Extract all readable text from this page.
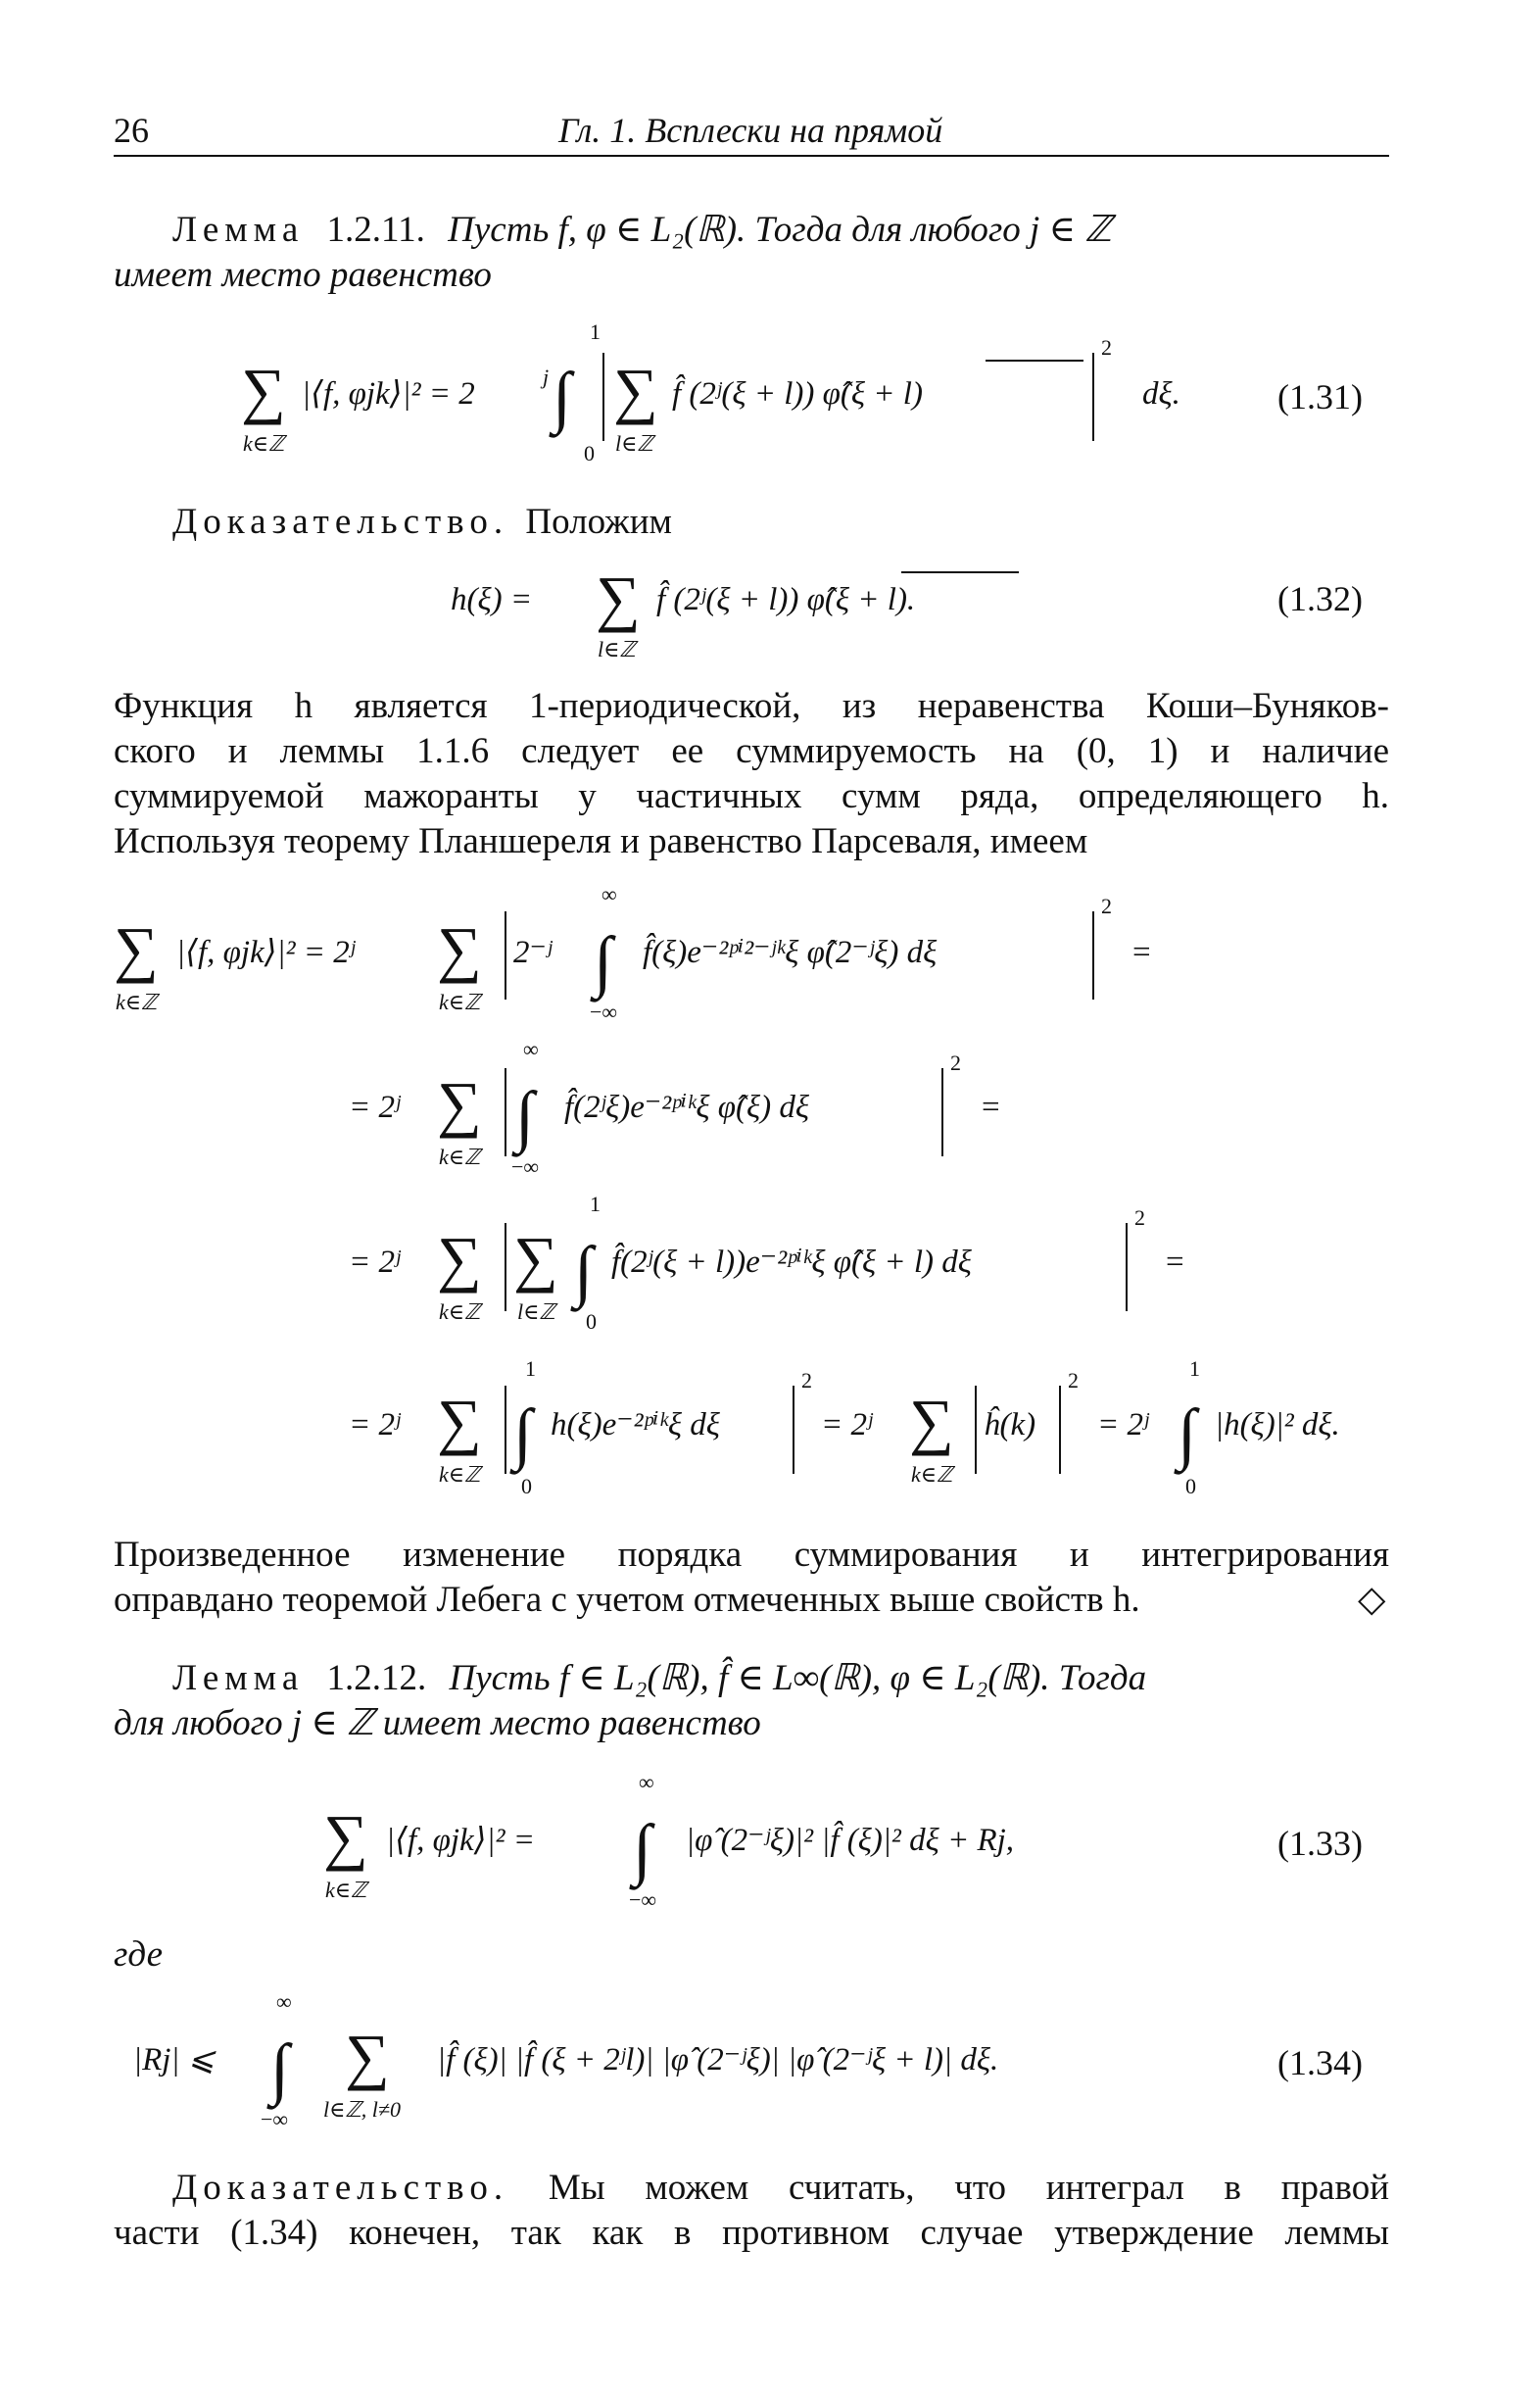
26	Гл. 1. Всплески на прямой
Лемма 1.2.11. Пусть f, φ ∈ L₂(ℝ). Тогда для любого j ∈ ℤ
имеет место равенство
∑
k∈ℤ
|⟨f, φjk⟩|² = 2	j ∫
1
0
∑
l∈ℤ
f̂ (2ʲ(ξ + l)) φ̂(ξ + l)
2
dξ.	(1.31)
Доказательство. Положим
h(ξ) = ∑
l∈ℤ
f̂ (2ʲ(ξ + l)) φ̂(ξ + l).	(1.32)
Функция h является 1-периодической, из неравенства Коши–Буняков-
ского и леммы 1.1.6 следует ее суммируемость на (0, 1) и наличие
суммируемой мажоранты у частичных сумм ряда, определяющего h.
Используя теорему Планшереля и равенство Парсеваля, имеем
∑
k∈ℤ
|⟨f, φjk⟩|² = 2ʲ ∑
k∈ℤ
2⁻ʲ ∫
∞
−∞
f̂(ξ)e⁻²ᵖⁱ²⁻ʲᵏξ φ̂(2⁻ʲξ) dξ
2
=
= 2ʲ ∑
k∈ℤ
∫
∞
−∞
f̂(2ʲξ)e⁻²ᵖⁱᵏξ φ̂(ξ) dξ
2
=
= 2ʲ ∑
k∈ℤ
∑
l∈ℤ
∫
1
0
f̂(2ʲ(ξ + l))e⁻²ᵖⁱᵏξ φ̂(ξ + l) dξ
2
=
= 2ʲ ∑
k∈ℤ
∫
1
0
h(ξ)e⁻²ᵖⁱᵏξ dξ
2
= 2ʲ ∑
k∈ℤ
ĥ(k)
2
= 2ʲ ∫
1
0
|h(ξ)|² dξ.
Произведенное изменение порядка суммирования и интегрирования
оправдано теоремой Лебега с учетом отмеченных выше свойств h.	◇
Лемма 1.2.12. Пусть f ∈ L₂(ℝ), f̂ ∈ L∞(ℝ), φ ∈ L₂(ℝ). Тогда
для любого j ∈ ℤ имеет место равенство
∑
k∈ℤ
|⟨f, φjk⟩|² = ∫
∞
−∞
|φ̂ (2⁻ʲξ)|² |f̂ (ξ)|² dξ + Rj,	(1.33)
где
|Rj| ⩽ ∫
∞
−∞
∑
l∈ℤ, l≠0
|f̂ (ξ)| |f̂ (ξ + 2ʲl)| |φ̂ (2⁻ʲξ)| |φ̂ (2⁻ʲξ + l)| dξ.	(1.34)
Доказательство. Мы можем считать, что интеграл в правой
части (1.34) конечен, так как в противном случае утверждение леммы
